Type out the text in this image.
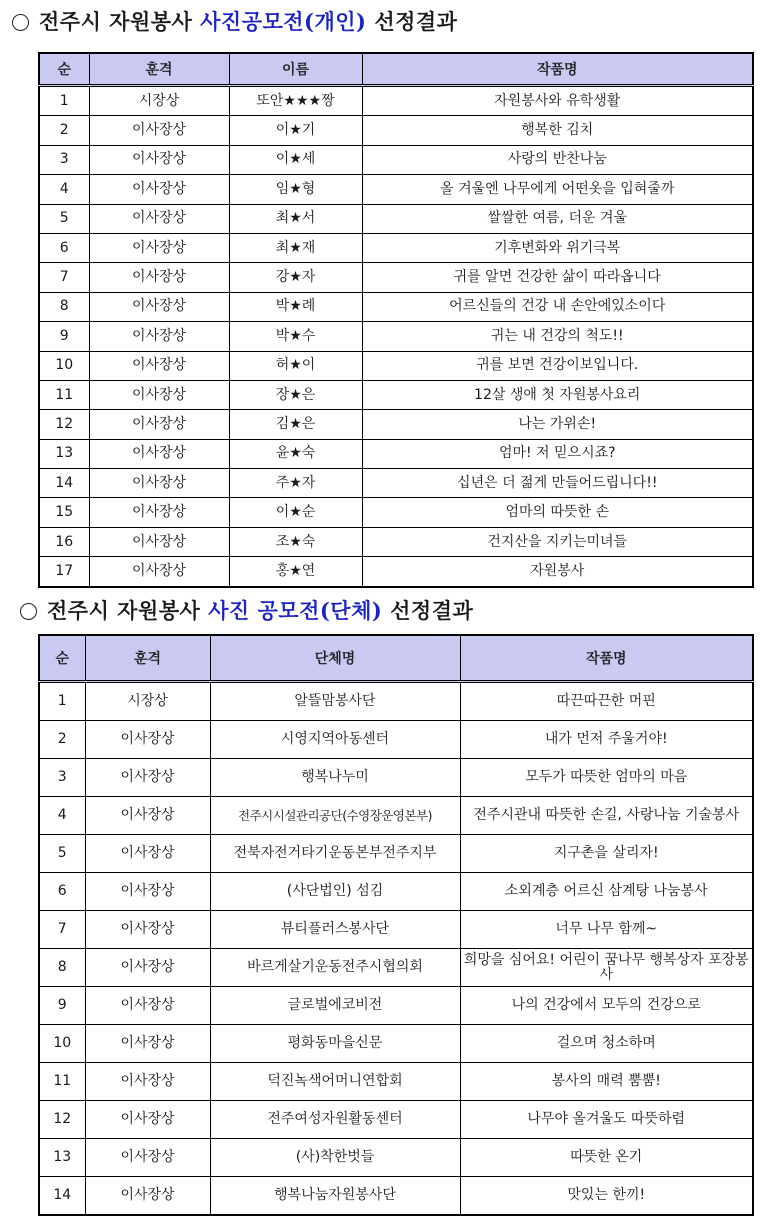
전주시 자원봉사 사진공모전(개인) 선정결과
순	훈격	이름	작품명
1	시장상	또안★★★짱	자원봉사와 유학생활
2	이사장상	이★기	행복한 김치
3	이사장상	이★세	사랑의 반찬나눔
4	이사장상	임★형	올 겨울엔 나무에게 어떤옷을 입혀줄까
5	이사장상	최★서	쌀쌀한 여름, 더운 겨울
6	이사장상	최★재	기후변화와 위기극복
7	이사장상	강★자	귀를 알면 건강한 삶이 따라옵니다
8	이사장상	박★례	어르신들의 건강 내 손안에있소이다
9	이사장상	박★수	귀는 내 건강의 척도!!
10	이사장상	허★이	귀를 보면 건강이보입니다.
11	이사장상	장★은	12살 생애 첫 자원봉사요리
12	이사장상	김★은	나는 가위손!
13	이사장상	윤★숙	엄마! 저 믿으시죠?
14	이사장상	주★자	십년은 더 젊게 만들어드립니다!!
15	이사장상	이★순	엄마의 따뜻한 손
16	이사장상	조★숙	건지산을 지키는미녀들
17	이사장상	홍★연	자원봉사
전주시 자원봉사 사진 공모전(단체) 선정결과
순	훈격	단체명	작품명
1	시장상	알뜰맘봉사단	따끈따끈한 머핀
2	이사장상	시영지역아동센터	내가 먼저 주울거야!
3	이사장상	행복나누미	모두가 따뜻한 엄마의 마음
4	이사장상	전주시시설관리공단(수영장운영본부)	전주시관내 따뜻한 손길, 사랑나눔 기술봉사
5	이사장상	전북자전거타기운동본부전주지부	지구촌을 살리자!
6	이사장상	(사단법인) 섬김	소외계층 어르신 삼계탕 나눔봉사
7	이사장상	뷰티플러스봉사단	너무 나무 함께~
8	이사장상	바르게살기운동전주시협의회	희망을 심어요! 어린이 꿈나무 행복상자 포장봉사
9	이사장상	글로벌에코비전	나의 건강에서 모두의 건강으로
10	이사장상	평화동마을신문	걸으며 청소하며
11	이사장상	덕진녹색어머니연합회	봉사의 매력 뿜뿜!
12	이사장상	전주여성자원활동센터	나무야 올겨울도 따뜻하렴
13	이사장상	(사)착한벗들	따뜻한 온기
14	이사장상	행복나눔자원봉사단	맛있는 한끼!
